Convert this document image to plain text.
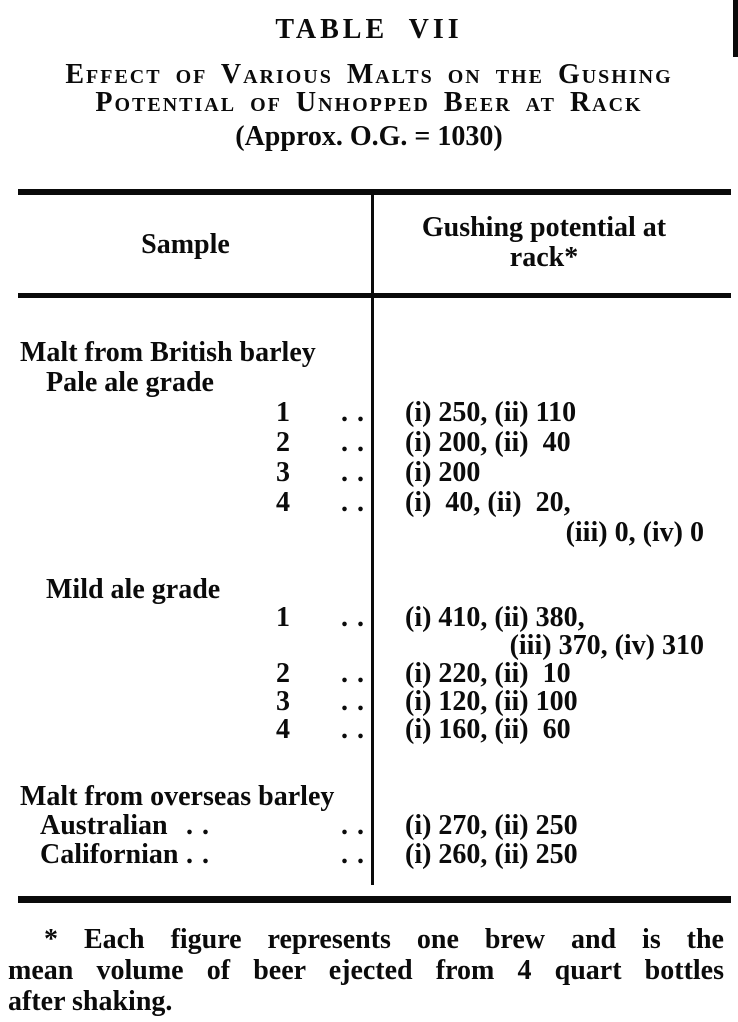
TABLE VII
Effect of Various Malts on the Gushing
Potential of Unhopped Beer at Rack
(Approx. O.G. = 1030)
Sample
Gushing potential at
rack*
Malt from British barley
Pale ale grade
1 .. (i) 250, (ii) 110
2 .. (i) 200, (ii)  40
3 .. (i) 200
4 .. (i)  40, (ii)  20,
(iii) 0, (iv) 0
Mild ale grade
1 .. (i) 410, (ii) 380,
(iii) 370, (iv) 310
2 .. (i) 220, (ii)  10
3 .. (i) 120, (ii) 100
4 .. (i) 160, (ii)  60
Malt from overseas barley
Australian ..	.. (i) 270, (ii) 250
Californian ..	.. (i) 260, (ii) 250
* Each figure represents one brew and is the
mean volume of beer ejected from 4 quart bottles
after shaking.
